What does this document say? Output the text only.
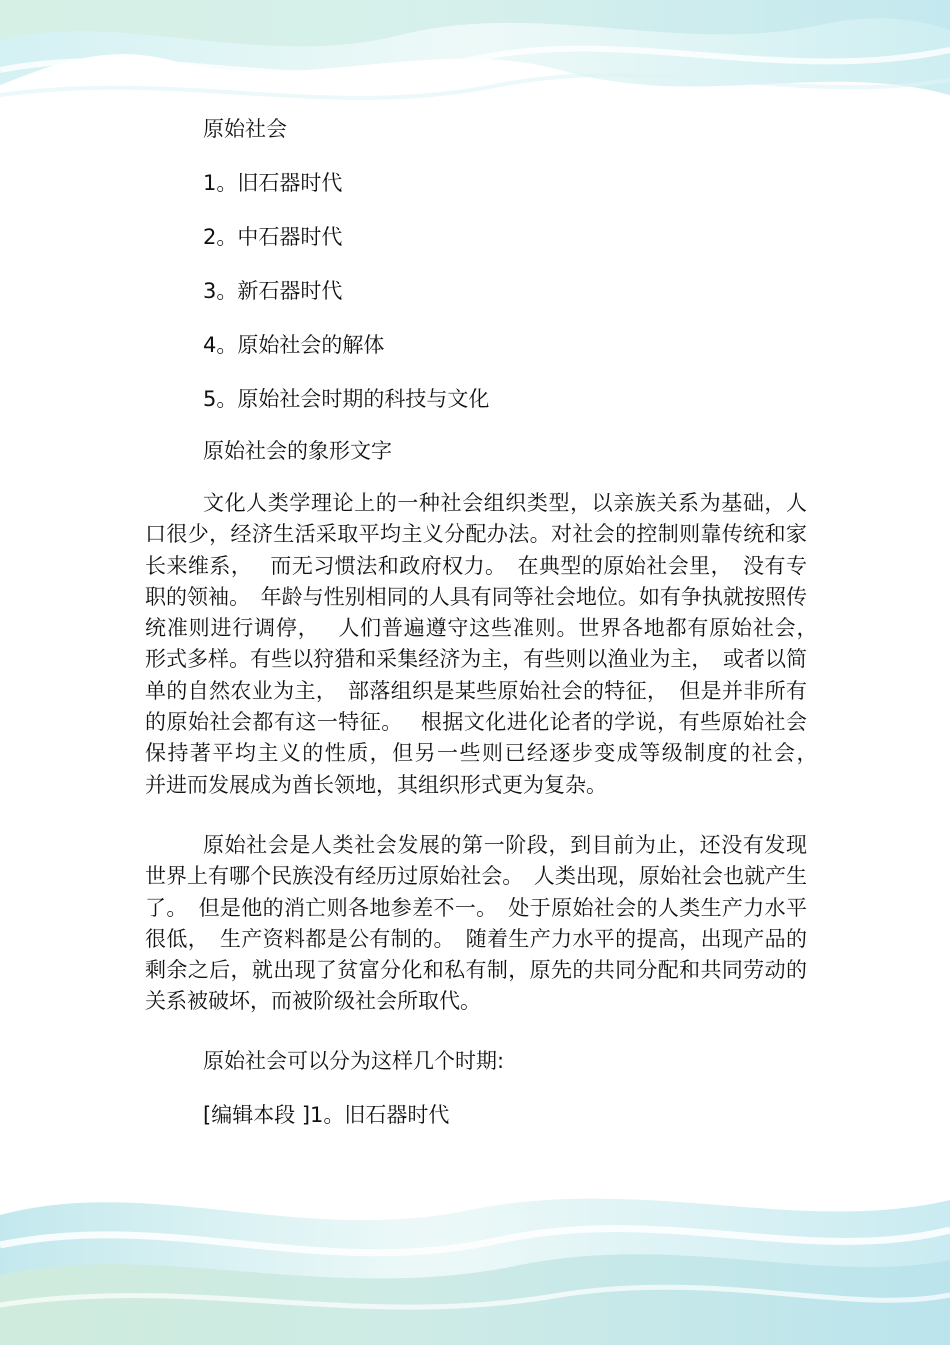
原始社会
1。旧石器时代
2。中石器时代
3。新石器时代
4。原始社会的解体
5。原始社会时期的科技与文化
原始社会的象形文字

文化人类学理论上的一种社会组织类型，以亲族关系为基础，人口很少，经济生活采取平均主义分配办法。对社会的控制则靠传统和家长来维系，　 而无习惯法和政府权力。　在典型的原始社会里，　没有专职的领袖。　年龄与性别相同的人具有同等社会地位。如有争执就按照传统准则进行调停，　 人们普遍遵守这些准则。世界各地都有原始社会，　形式多样。有些以狩猎和采集经济为主，有些则以渔业为主，　或者以简单的自然农业为主，　部落组织是某些原始社会的特征，　但是并非所有的原始社会都有这一特征。　 根据文化进化论者的学说，有些原始社会保持著平均主义的性质，但另一些则已经逐步变成等级制度的社会，　 并进而发展成为酋长领地，其组织形式更为复杂。

原始社会是人类社会发展的第一阶段，到目前为止，还没有发现世界上有哪个民族没有经历过原始社会。　人类出现，原始社会也就产生了。　但是他的消亡则各地参差不一。　处于原始社会的人类生产力水平很低，　生产资料都是公有制的。　随着生产力水平的提高，出现产品的剩余之后，就出现了贫富分化和私有制，原先的共同分配和共同劳动的关系被破坏，而被阶级社会所取代。

原始社会可以分为这样几个时期:
[编辑本段 ]1。旧石器时代
